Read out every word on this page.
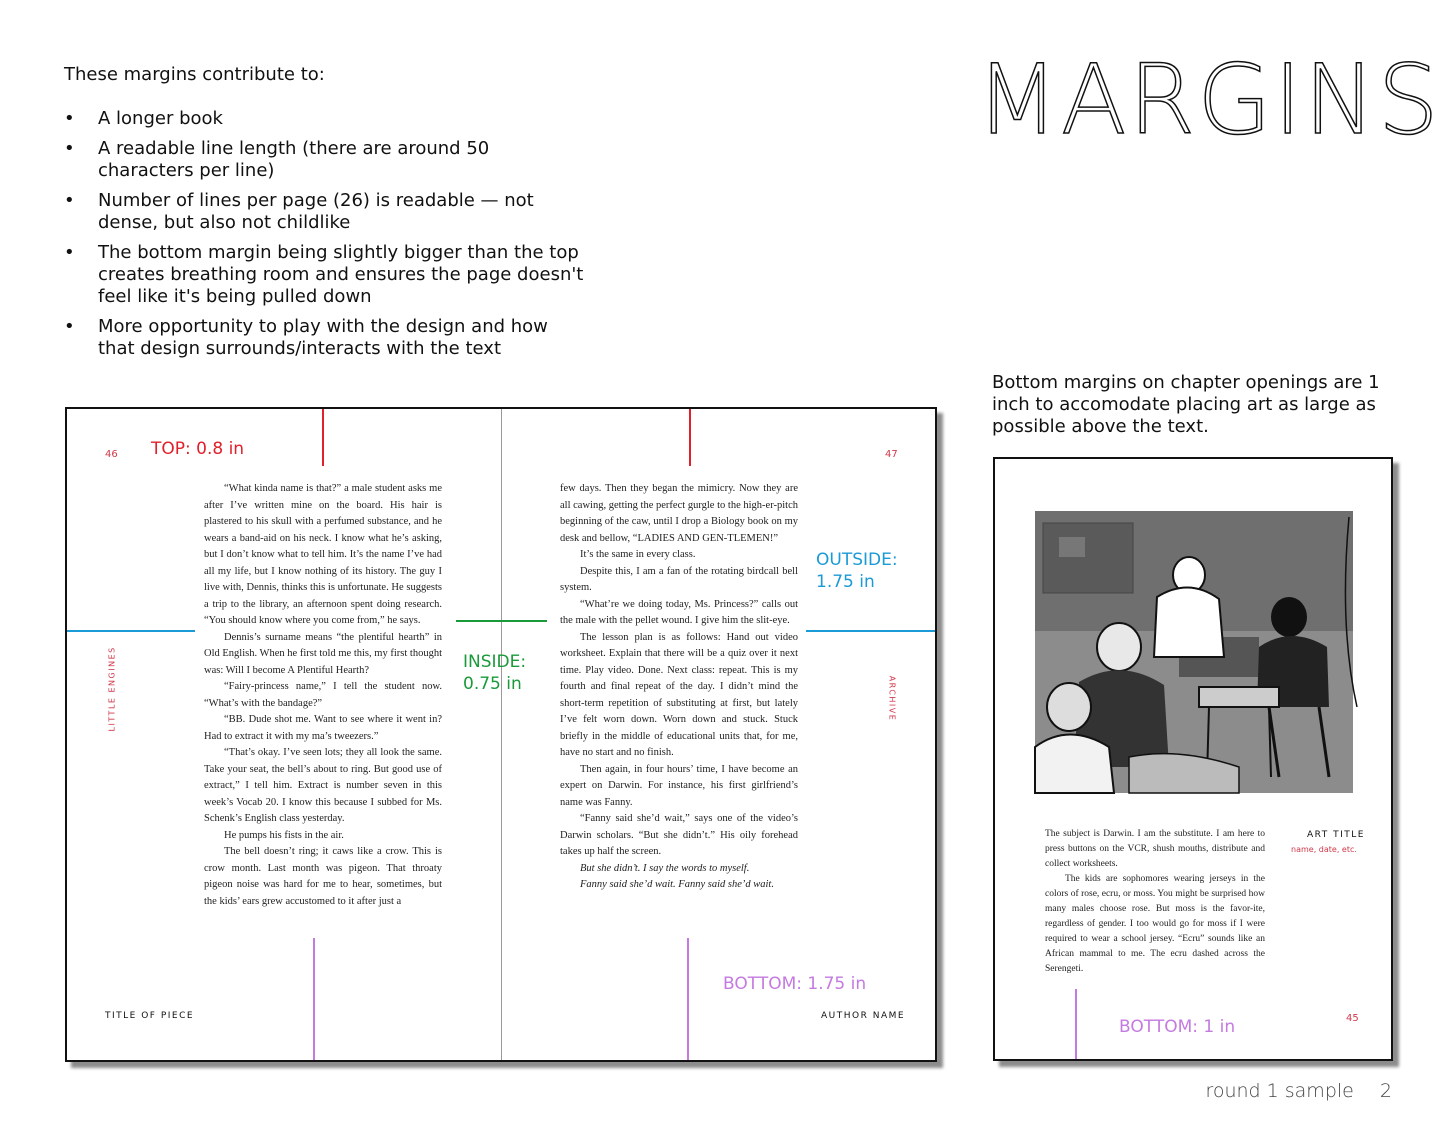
These margins contribute to:
• A longer book
• A readable line length (there are around 50 characters per line)
• Number of lines per page (26) is readable — not dense, but also not childlike
• The bottom margin being slightly bigger than the top creates breathing room and ensures the page doesn't feel like it's being pulled down
• More opportunity to play with the design and how that design surrounds/interacts with the text
MARGINS
Bottom margins on chapter openings are 1 inch to accomodate placing art as large as possible above the text.
46	47
LITTLE ENGINES	ARCHIVE
TITLE OF PIECE	AUTHOR NAME

“What kinda name is that?” a male student asks me after I’ve written mine on the board. His hair is plastered to his skull with a perfumed substance, and he wears a band-aid on his neck. I know what he’s asking, but I don’t know what to tell him. It’s the name I’ve had all my life, but I know nothing of its history. The guy I live with, Dennis, thinks this is unfortunate. He suggests a trip to the library, an afternoon spent doing research. “You should know where you come from,” he says.

Dennis’s surname means “the plentiful hearth” in Old English. When he first told me this, my first thought was: Will I become A Plentiful Hearth?

“Fairy-princess name,” I tell the student now. “What’s with the bandage?”

“BB. Dude shot me. Want to see where it went in? Had to extract it with my ma’s tweezers.”

“That’s okay. I’ve seen lots; they all look the same. Take your seat, the bell’s about to ring. But good use of extract,” I tell him. Extract is number seven in this week’s Vocab 20. I know this because I subbed for Ms. Schenk’s English class yesterday.

He pumps his fists in the air.

The bell doesn’t ring; it caws like a crow. This is crow month. Last month was pigeon. That throaty pigeon noise was hard for me to hear, sometimes, but the kids’ ears grew accustomed to it after just a

few days. Then they began the mimicry. Now they are all cawing, getting the perfect gurgle to the high-er-pitch beginning of the caw, until I drop a Biology book on my desk and bellow, “LADIES AND GEN-TLEMEN!”

It’s the same in every class.

Despite this, I am a fan of the rotating birdcall bell system.

“What’re we doing today, Ms. Princess?” calls out the male with the pellet wound. I give him the slit-eye.

The lesson plan is as follows: Hand out video worksheet. Explain that there will be a quiz over it next time. Play video. Done. Next class: repeat. This is my fourth and final repeat of the day. I didn’t mind the short-term repetition of substituting at first, but lately I’ve felt worn down. Worn down and stuck. Stuck briefly in the middle of educational units that, for me, have no start and no finish.

Then again, in four hours’ time, I have become an expert on Darwin. For instance, his first girlfriend’s name was Fanny.

“Fanny said she’d wait,” says one of the video’s Darwin scholars. “But she didn’t.” His oily forehead takes up half the screen.

But she didn’t. I say the words to myself.

Fanny said she’d wait. Fanny said she’d wait.

TOP: 0.8 in
OUTSIDE:
1.75 in
INSIDE:
0.75 in
BOTTOM: 1.75 in

The subject is Darwin. I am the substitute. I am here to press buttons on the VCR, shush mouths, distribute and collect worksheets.

The kids are sophomores wearing jerseys in the colors of rose, ecru, or moss. You might be surprised how many males choose rose. But moss is the favor-ite, regardless of gender. I too would go for moss if I were required to wear a school jersey. “Ecru” sounds like an African mammal to me. The ecru dashed across the Serengeti.

ART TITLE
name, date, etc.
BOTTOM: 1 in	45
round 1 sample 2
